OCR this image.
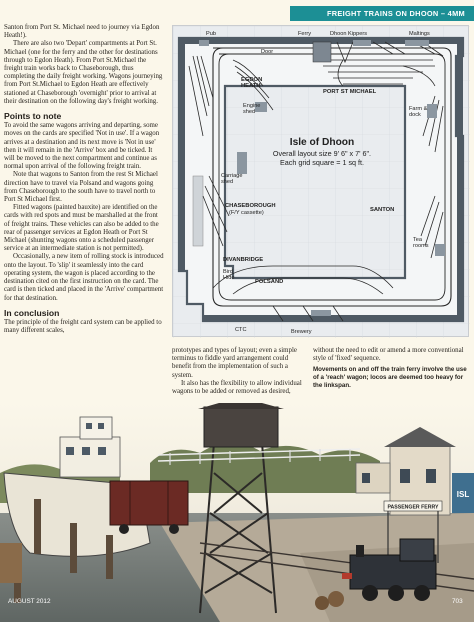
FREIGHT TRAINS ON DHOON – 4MM

Santon from Port St. Michael need to journey via Egdon Heath!).

There are also two 'Depart' compartments at Port St. Michael (one for the ferry and the other for destinations through to Egdon Heath). From Port St.Michael the freight train works back to Chaseborough, thus completing the daily freight working. Wagons journeying from Port St.Michael to Egdon Heath are effectively stationed at Chaseborough 'overnight' prior to arrival at their destination on the following day's freight working.

Points to note

To avoid the same wagons arriving and departing, some moves on the cards are specified 'Not in use'. If a wagon arrives at a destination and its next move is 'Not in use' then it will remain in the 'Arrive' box and be ticked. It will be moved to the next compartment and continue as normal upon arrival of the following freight train.

Note that wagons to Santon from the rest St Michael direction have to travel via Polsand and wagons going from Chaseborough to the south have to travel north to Port St Michael first.

Fitted wagons (painted bauxite) are identified on the cards with red spots and must be marshalled at the front of freight trains. These vehicles can also be added to the rear of passenger services at Egdon Heath or Port St Michael (shunting wagons onto a scheduled passenger service at an intermediate station is not permitted).

Occasionally, a new item of rolling stock is introduced onto the layout. To 'slip' it seamlessly into the card operating system, the wagon is placed according to the destination cited on the first instruction on the card. The card is then ticked and placed in the 'Arrive' compartment for that destination.

In conclusion

The principle of the freight card system can be applied to many different scales,

Pub
Door
Ferry	Dhoon Kippers	Maltings
EGDON HEATH
PORT ST MICHAEL
Engine shed	Farm & dock
Carriage shed
CHASEBOROUGH
(F/Y cassette)	SANTON
Tea rooms
DIVANBRIDGE
Bird Hide
POLSAND
CTC	Brewery
Isle of Dhoon
Overall layout size 9' 6" x 7' 6".
Each grid square = 1 sq ft.

prototypes and types of layout; even a simple terminus to fiddle yard arrangement could benefit from the implementation of such a system.

It also has the flexibility to allow individual wagons to be added or removed as desired,

without the need to edit or amend a more conventional style of 'fixed' sequence.

Movements on and off the train ferry involve the use of a 'reach' wagon; locos are deemed too heavy for the linkspan.

PASSENGER FERRY
ISL
AUGUST 2012	703
